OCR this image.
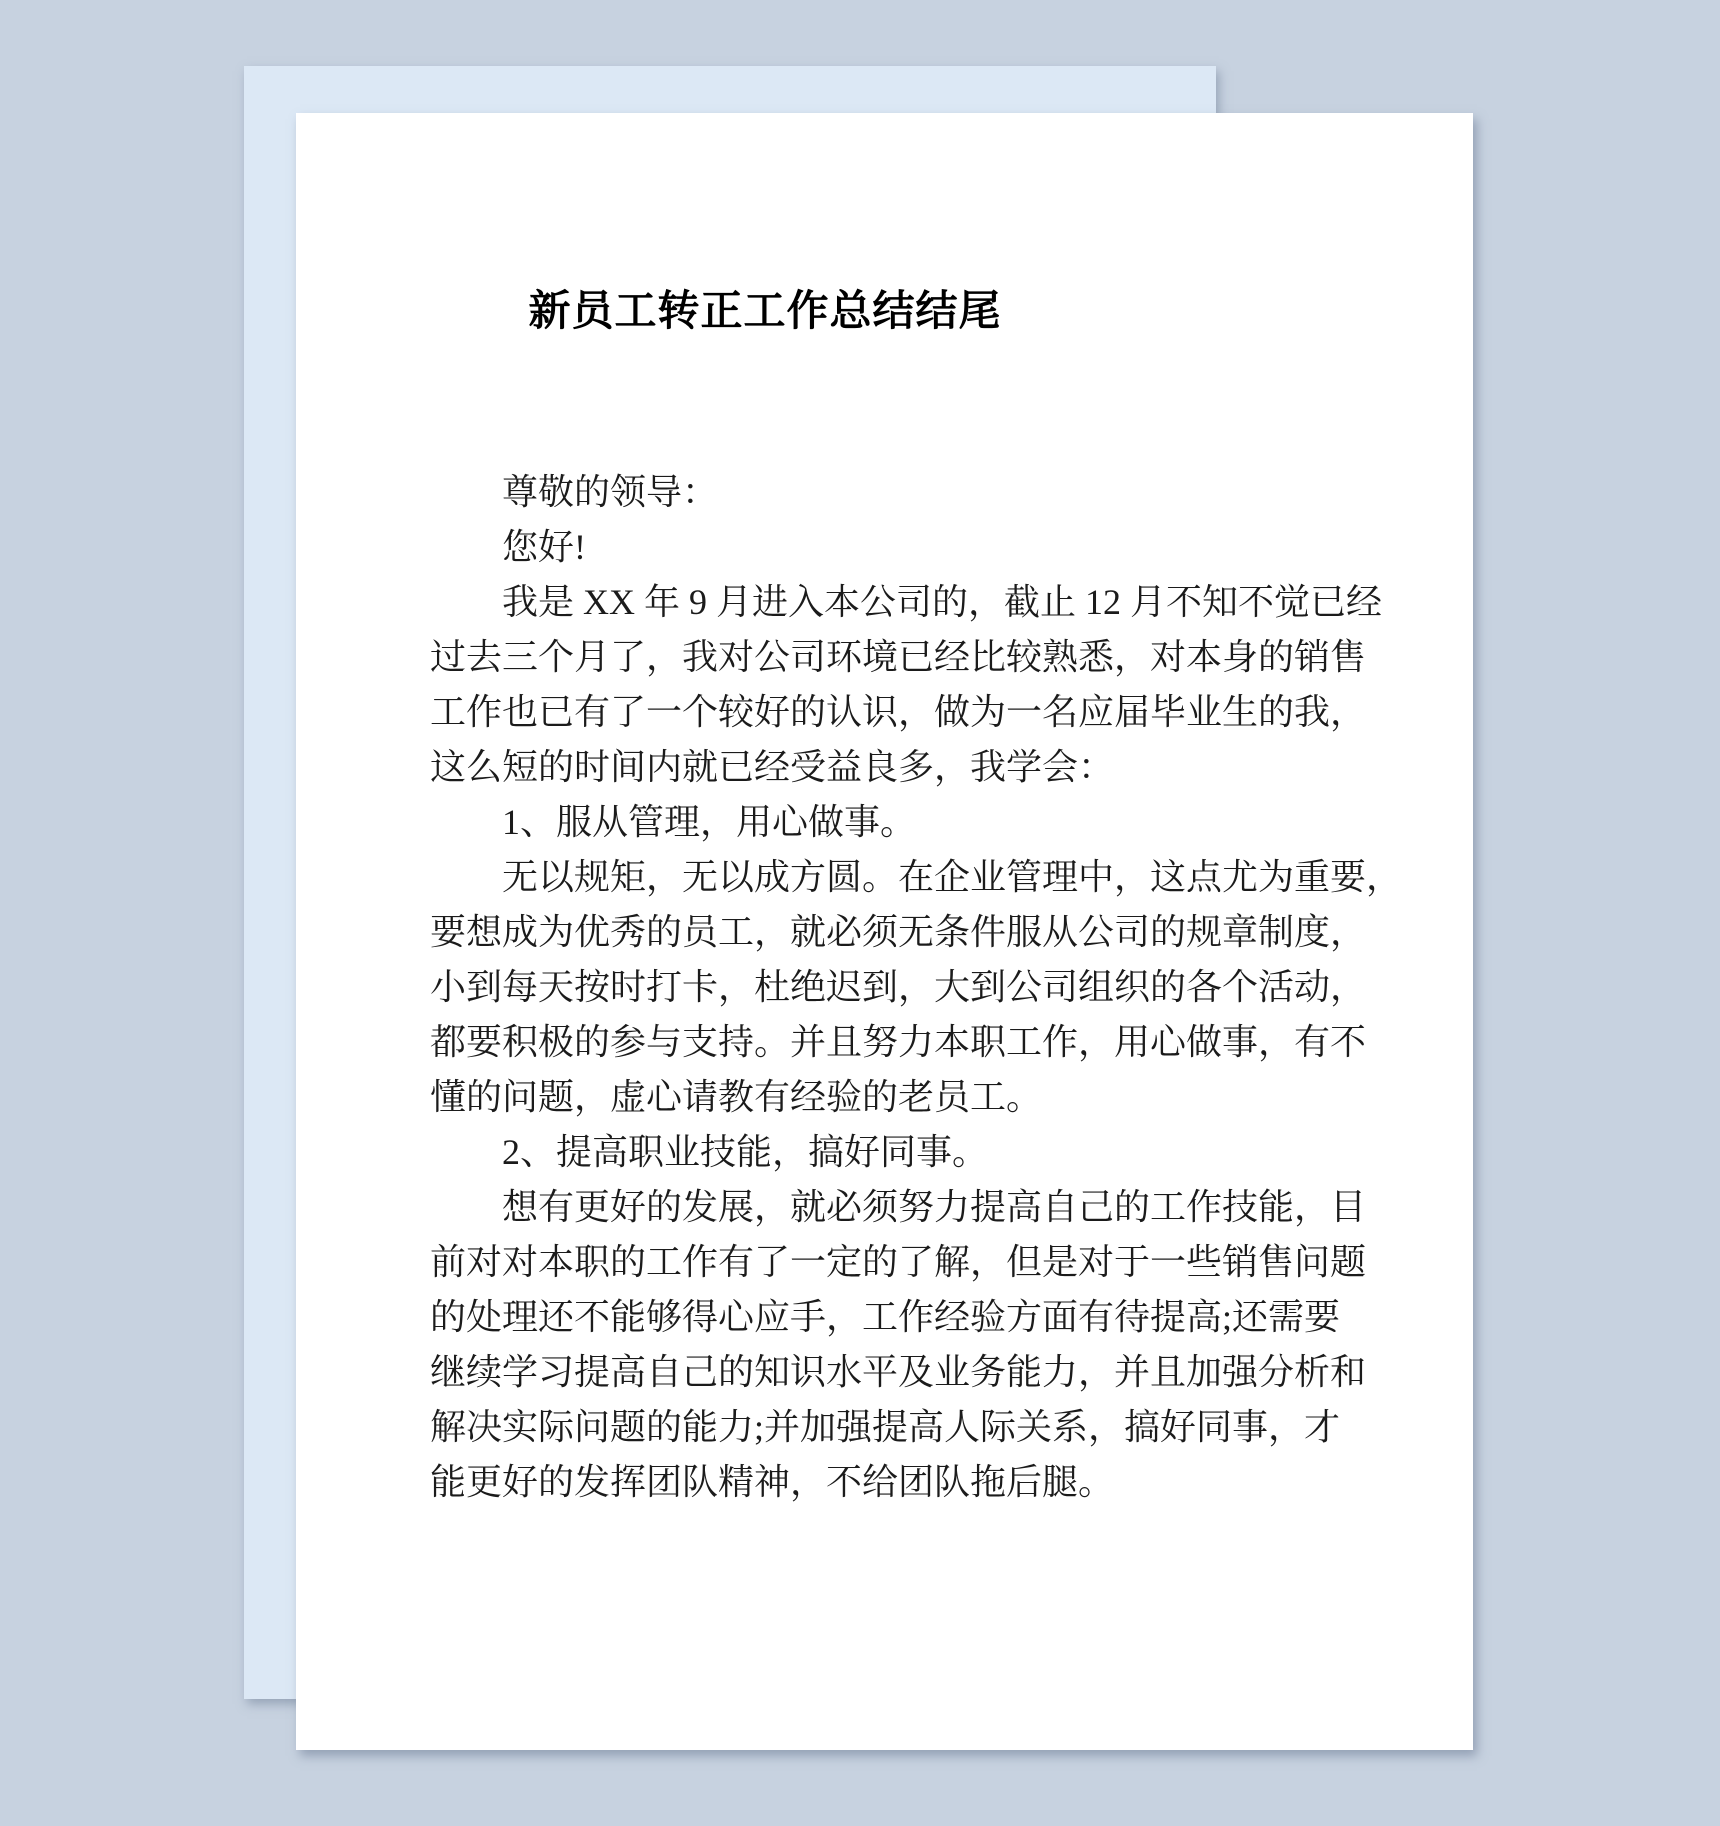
新员工转正工作总结结尾
尊敬的领导：
您好!
我是 XX 年 9 月进入本公司的，截止 12 月不知不觉已经
过去三个月了，我对公司环境已经比较熟悉，对本身的销售
工作也已有了一个较好的认识，做为一名应届毕业生的我，
这么短的时间内就已经受益良多，我学会：
1、服从管理，用心做事。
无以规矩，无以成方圆。在企业管理中，这点尤为重要，
要想成为优秀的员工，就必须无条件服从公司的规章制度，
小到每天按时打卡，杜绝迟到，大到公司组织的各个活动，
都要积极的参与支持。并且努力本职工作，用心做事，有不
懂的问题，虚心请教有经验的老员工。
2、提高职业技能，搞好同事。
想有更好的发展，就必须努力提高自己的工作技能，目
前对对本职的工作有了一定的了解，但是对于一些销售问题
的处理还不能够得心应手，工作经验方面有待提高;还需要
继续学习提高自己的知识水平及业务能力，并且加强分析和
解决实际问题的能力;并加强提高人际关系，搞好同事，才
能更好的发挥团队精神，不给团队拖后腿。
